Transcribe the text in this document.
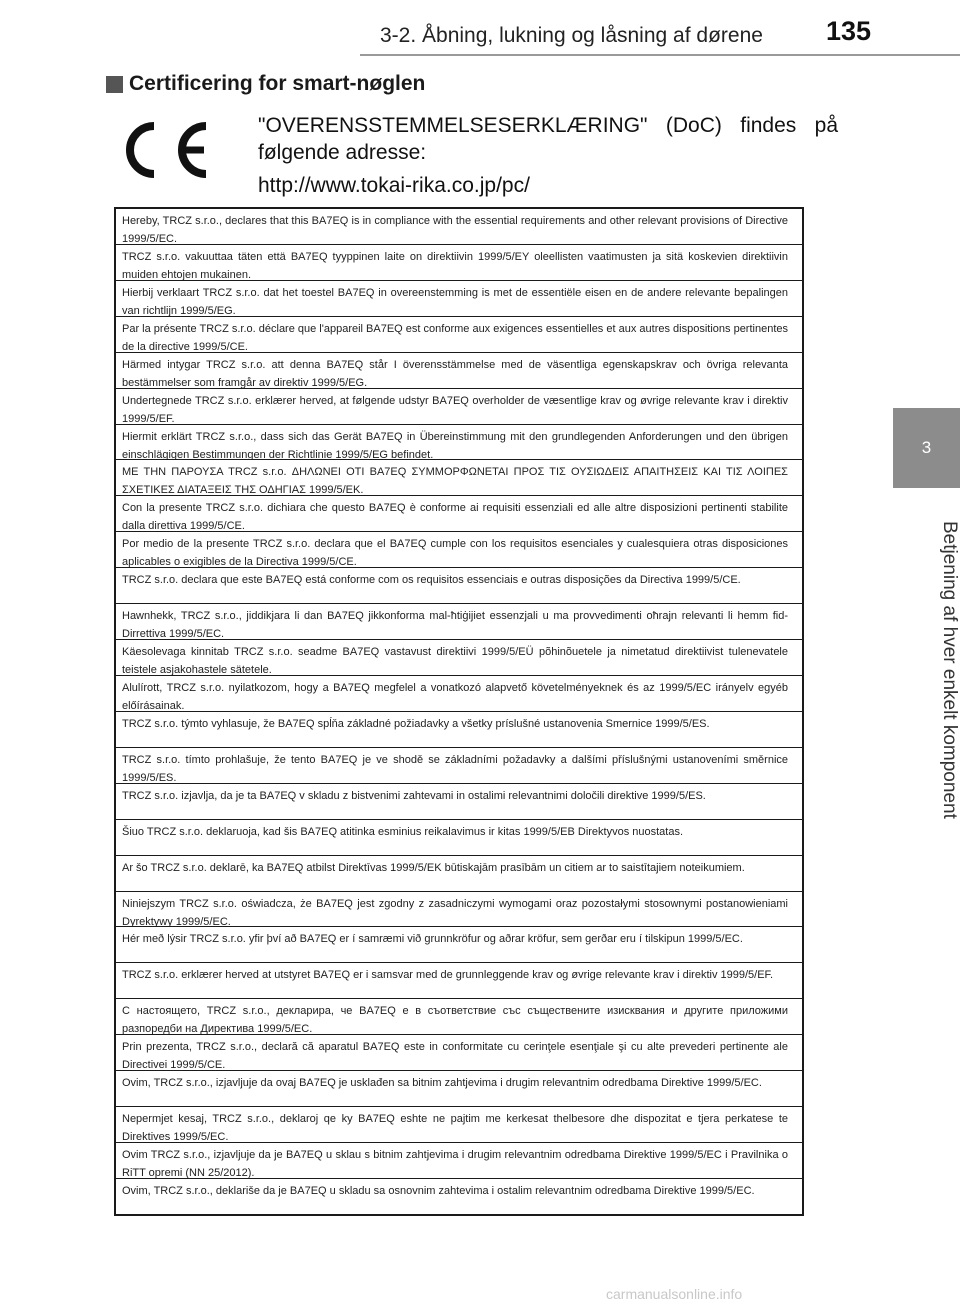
3-2. Åbning, lukning og låsning af dørene 135
3
Betjening af hver enkelt komponent
Certificering for smart-nøglen

"OVERENSSTEMMELSESERKLÆRING" (DoC) findes på følgende adresse:

http://www.tokai-rika.co.jp/pc/
Hereby, TRCZ s.r.o., declares that this BA7EQ is in compliance with the essential requirements and other relevant provisions of Directive 1999/5/EC.
TRCZ s.r.o. vakuuttaa täten että BA7EQ tyyppinen laite on direktiivin 1999/5/EY oleellisten vaatimusten ja sitä koskevien direktiivin muiden ehtojen mukainen.
Hierbij verklaart TRCZ s.r.o. dat het toestel BA7EQ in overeenstemming is met de essentiële eisen en de andere relevante bepalingen van richtlijn 1999/5/EG.
Par la présente TRCZ s.r.o. déclare que l'appareil BA7EQ est conforme aux exigences essentielles et aux autres dispositions pertinentes de la directive 1999/5/CE.
Härmed intygar TRCZ s.r.o. att denna BA7EQ står I överensstämmelse med de väsentliga egenskapskrav och övriga relevanta bestämmelser som framgår av direktiv 1999/5/EG.
Undertegnede TRCZ s.r.o. erklærer herved, at følgende udstyr BA7EQ overholder de væsentlige krav og øvrige relevante krav i direktiv 1999/5/EF.
Hiermit erklärt TRCZ s.r.o., dass sich das Gerät BA7EQ in Übereinstimmung mit den grundlegenden Anforderungen und den übrigen einschlägigen Bestimmungen der Richtlinie 1999/5/EG befindet.
ΜΕ ΤΗΝ ΠΑΡΟΥΣΑ TRCZ s.r.o. ΔΗΛΩΝΕΙ ΟΤΙ BA7EQ ΣΥΜΜΟΡΦΩΝΕΤΑΙ ΠΡΟΣ ΤΙΣ ΟΥΣΙΩΔΕΙΣ ΑΠΑΙΤΗΣΕΙΣ ΚΑΙ ΤΙΣ ΛΟΙΠΕΣ ΣΧΕΤΙΚΕΣ ΔΙΑΤΑΞΕΙΣ ΤΗΣ ΟΔΗΓΙΑΣ 1999/5/ΕΚ.
Con la presente TRCZ s.r.o. dichiara che questo BA7EQ è conforme ai requisiti essenziali ed alle altre disposizioni pertinenti stabilite dalla direttiva 1999/5/CE.
Por medio de la presente TRCZ s.r.o. declara que el BA7EQ cumple con los requisitos esenciales y cualesquiera otras disposiciones aplicables o exigibles de la Directiva 1999/5/CE.
TRCZ s.r.o. declara que este BA7EQ está conforme com os requisitos essenciais e outras disposições da Directiva 1999/5/CE.
Hawnhekk, TRCZ s.r.o., jiddikjara li dan BA7EQ jikkonforma mal-ħtiġijiet essenzjali u ma provvedimenti oħrajn relevanti li hemm fid-Dirrettiva 1999/5/EC.
Käesolevaga kinnitab TRCZ s.r.o. seadme BA7EQ vastavust direktiivi 1999/5/EÜ põhinõuetele ja nimetatud direktiivist tulenevatele teistele asjakohastele sätetele.
Alulírott, TRCZ s.r.o. nyilatkozom, hogy a BA7EQ megfelel a vonatkozó alapvető követelményeknek és az 1999/5/EC irányelv egyéb előírásainak.
TRCZ s.r.o. týmto vyhlasuje, že BA7EQ spĺňa základné požiadavky a všetky príslušné ustanovenia Smernice 1999/5/ES.
TRCZ s.r.o. tímto prohlašuje, že tento BA7EQ je ve shodě se základními požadavky a dalšími příslušnými ustanoveními směrnice 1999/5/ES.
TRCZ s.r.o. izjavlja, da je ta BA7EQ v skladu z bistvenimi zahtevami in ostalimi relevantnimi določili direktive 1999/5/ES.
Šiuo TRCZ s.r.o. deklaruoja, kad šis BA7EQ atitinka esminius reikalavimus ir kitas 1999/5/EB Direktyvos nuostatas.
Ar šo TRCZ s.r.o. deklarē, ka BA7EQ atbilst Direktīvas 1999/5/EK būtiskajām prasībām un citiem ar to saistītajiem noteikumiem.
Niniejszym TRCZ s.r.o. oświadcza, że BA7EQ jest zgodny z zasadniczymi wymogami oraz pozostałymi stosownymi postanowieniami Dyrektywy 1999/5/EC.
Hér með lýsir TRCZ s.r.o. yfir því að BA7EQ er í samræmi við grunnkröfur og aðrar kröfur, sem gerðar eru í tilskipun 1999/5/EC.
TRCZ s.r.o. erklærer herved at utstyret BA7EQ er i samsvar med de grunnleggende krav og øvrige relevante krav i direktiv 1999/5/EF.
С настоящето, TRCZ s.r.o., декларира, че BA7EQ е в съответствие със съществените изисквания и другите приложими разпоредби на Директива 1999/5/ЕС.
Prin prezenta, TRCZ s.r.o., declară că aparatul BA7EQ este in conformitate cu cerinţele esenţiale şi cu alte prevederi pertinente ale Directivei 1999/5/CE.
Ovim, TRCZ s.r.o., izjavljuje da ovaj BA7EQ je usklađen sa bitnim zahtjevima i drugim relevantnim odredbama Direktive 1999/5/EC.
Nepermjet kesaj, TRCZ s.r.o., deklaroj qe ky BA7EQ eshte ne pajtim me kerkesat thelbesore dhe dispozitat e tjera perkatese te Direktives 1999/5/EC.
Ovim TRCZ s.r.o., izjavljuje da je BA7EQ u sklau s bitnim zahtjevima i drugim relevantnim odredbama Direktive 1999/5/EC i Pravilnika o RiTT opremi (NN 25/2012).
Ovim, TRCZ s.r.o., deklariše da je BA7EQ u skladu sa osnovnim zahtevima i ostalim relevantnim odredbama Direktive 1999/5/EC.
carmanualsonline.info
